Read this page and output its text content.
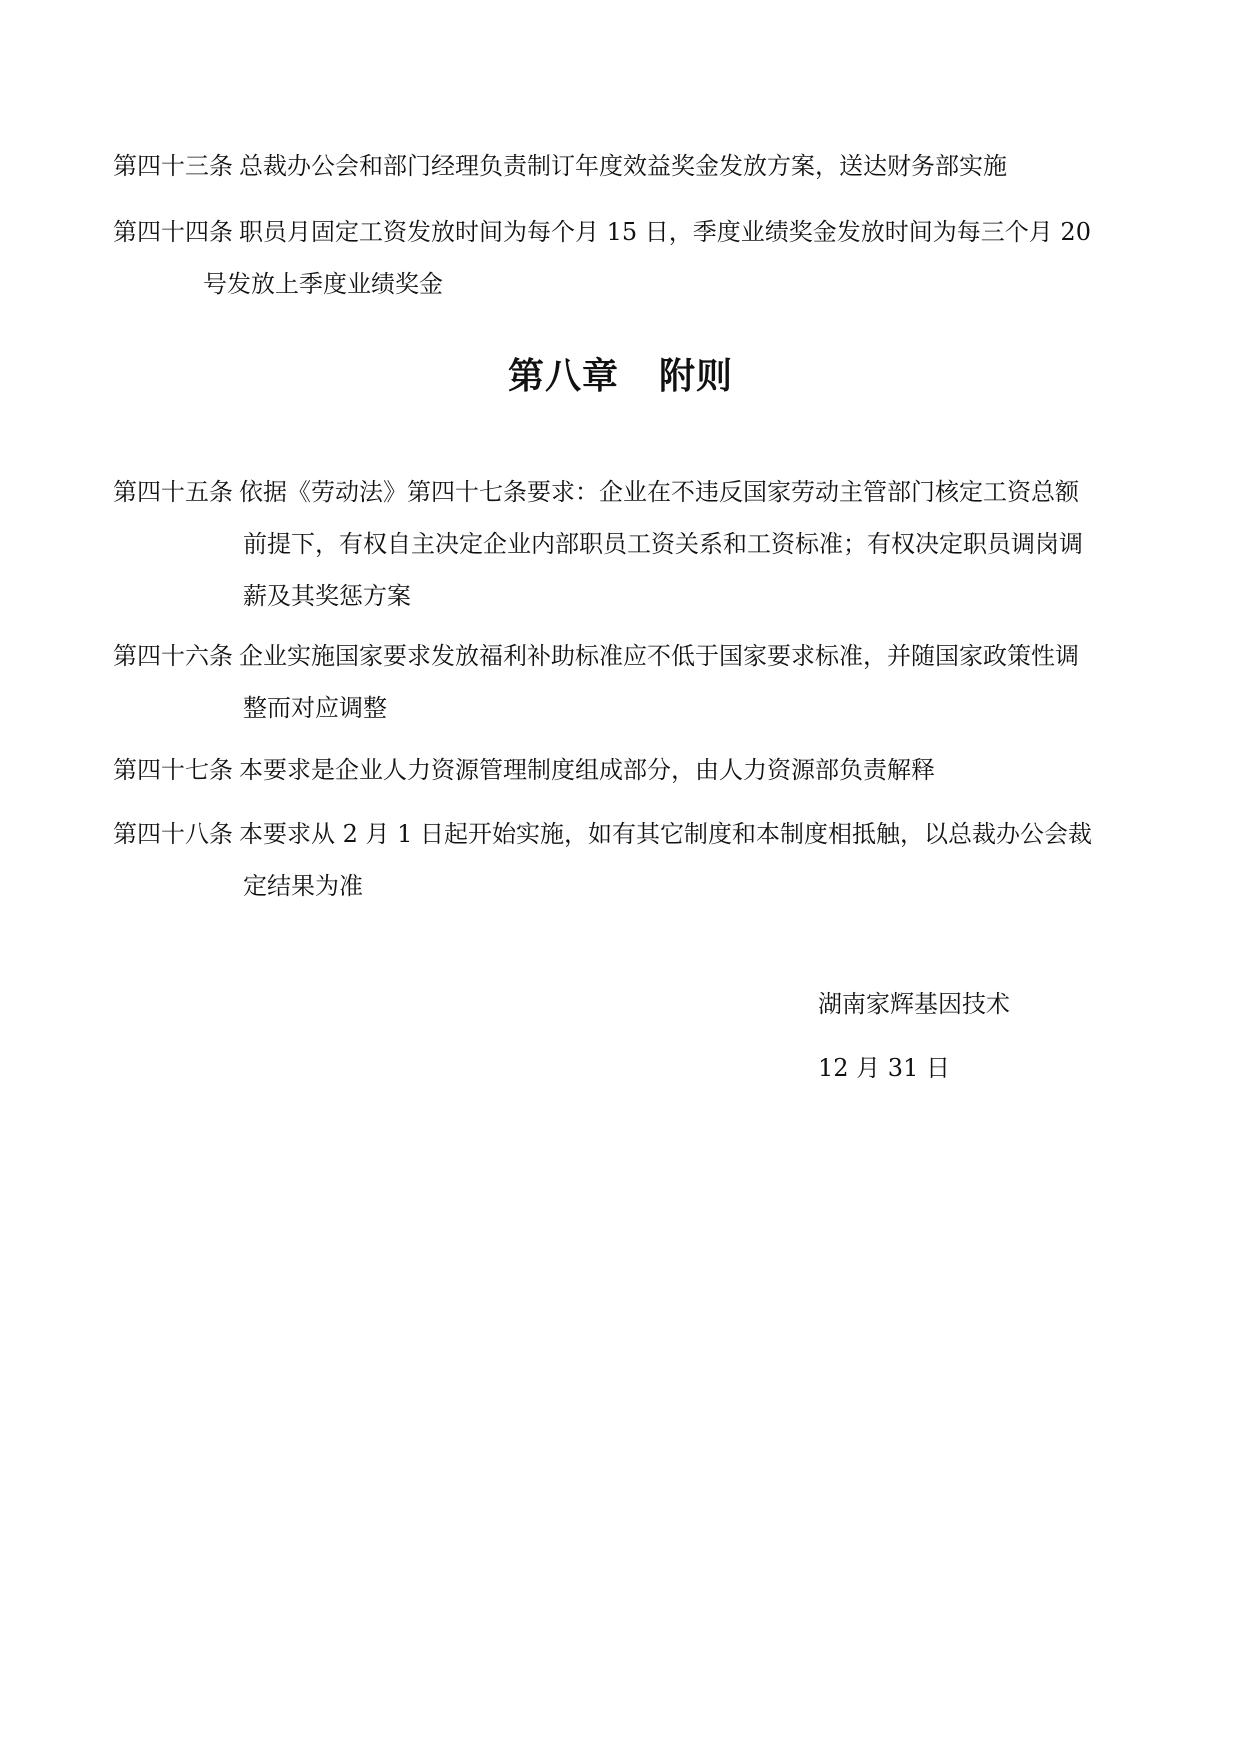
第四十三条 总裁办公会和部门经理负责制订年度效益奖金发放方案，送达财务部实施
第四十四条 职员月固定工资发放时间为每个月 15 日，季度业绩奖金发放时间为每三个月 20
号发放上季度业绩奖金
第八章 附则
第四十五条 依据《劳动法》第四十七条要求：企业在不违反国家劳动主管部门核定工资总额
前提下，有权自主决定企业内部职员工资关系和工资标准；有权决定职员调岗调
薪及其奖惩方案
第四十六条 企业实施国家要求发放福利补助标准应不低于国家要求标准，并随国家政策性调
整而对应调整
第四十七条 本要求是企业人力资源管理制度组成部分，由人力资源部负责解释
第四十八条 本要求从 2 月 1 日起开始实施，如有其它制度和本制度相抵触，以总裁办公会裁
定结果为准
湖南家辉基因技术
12 月 31 日
